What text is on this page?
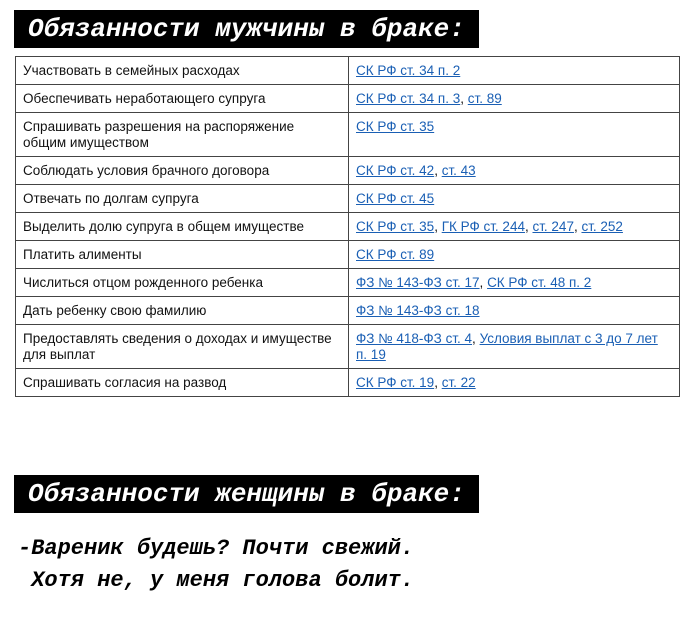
Обязанности мужчины в браке:
Участвовать в семейных расходах	СК РФ ст. 34 п. 2
Обеспечивать неработающего супруга	СК РФ ст. 34 п. 3, ст. 89
Спрашивать разрешения на распоряжение общим имуществом	СК РФ ст. 35
Соблюдать условия брачного договора	СК РФ ст. 42, ст. 43
Отвечать по долгам супруга	СК РФ ст. 45
Выделить долю супруга в общем имуществе	СК РФ ст. 35, ГК РФ ст. 244, ст. 247, ст. 252
Платить алименты	СК РФ ст. 89
Числиться отцом рожденного ребенка	ФЗ № 143-ФЗ ст. 17, СК РФ ст. 48 п. 2
Дать ребенку свою фамилию	ФЗ № 143-ФЗ ст. 18
Предоставлять сведения о доходах и имуществе для выплат	ФЗ № 418-ФЗ ст. 4, Условия выплат с 3 до 7 лет п. 19
Спрашивать согласия на развод	СК РФ ст. 19, ст. 22
Обязанности женщины в браке:
-Вареник будешь? Почти свежий.
Хотя не, у меня голова болит.
